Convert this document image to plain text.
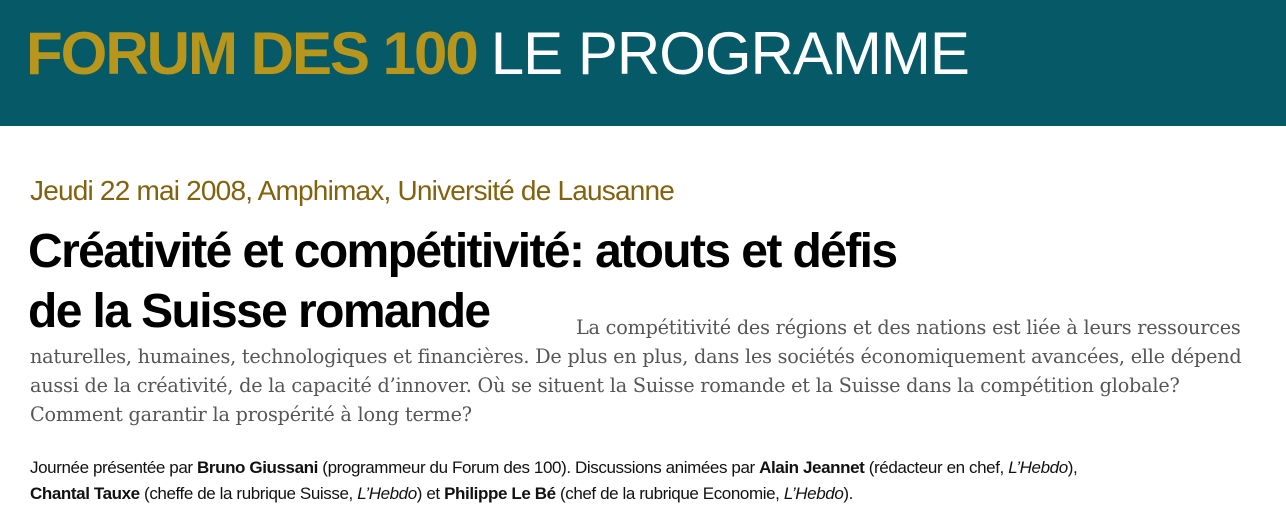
FORUM DES 100 LE PROGRAMME
Jeudi 22 mai 2008, Amphimax, Université de Lausanne
Créativité et compétitivité: atouts et défis
de la Suisse romande	La compétitivité des régions et des nations est liée à leurs ressources naturelles, humaines, technologiques et financières. De plus en plus, dans les sociétés économiquement avancées, elle dépend aussi de la créativité, de la capacité d’innover. Où se situent la Suisse romande et la Suisse dans la compétition globale? Comment garantir la prospérité à long terme?

Journée présentée par Bruno Giussani (programmeur du Forum des 100). Discussions animées par Alain Jeannet (rédacteur en chef, L’Hebdo),
Chantal Tauxe (cheffe de la rubrique Suisse, L’Hebdo) et Philippe Le Bé (chef de la rubrique Economie, L’Hebdo).
